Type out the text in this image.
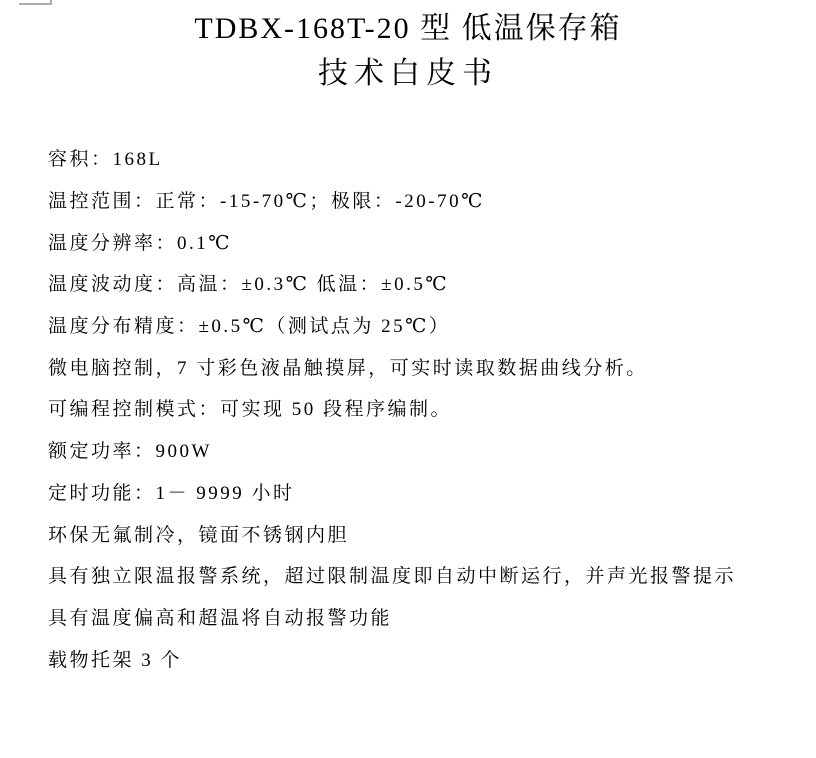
TDBX-168T-20 型 低温保存箱
技术白皮书
容积：168L
温控范围：正常：-15-70℃；极限：-20-70℃
温度分辨率：0.1℃
温度波动度：高温：±0.3℃ 低温：±0.5℃
温度分布精度：±0.5℃（测试点为 25℃）
微电脑控制，7 寸彩色液晶触摸屏，可实时读取数据曲线分析。
可编程控制模式：可实现 50 段程序编制。
额定功率：900W
定时功能：1－ 9999 小时
环保无氟制冷，镜面不锈钢内胆
具有独立限温报警系统，超过限制温度即自动中断运行，并声光报警提示
具有温度偏高和超温将自动报警功能
载物托架 3 个
